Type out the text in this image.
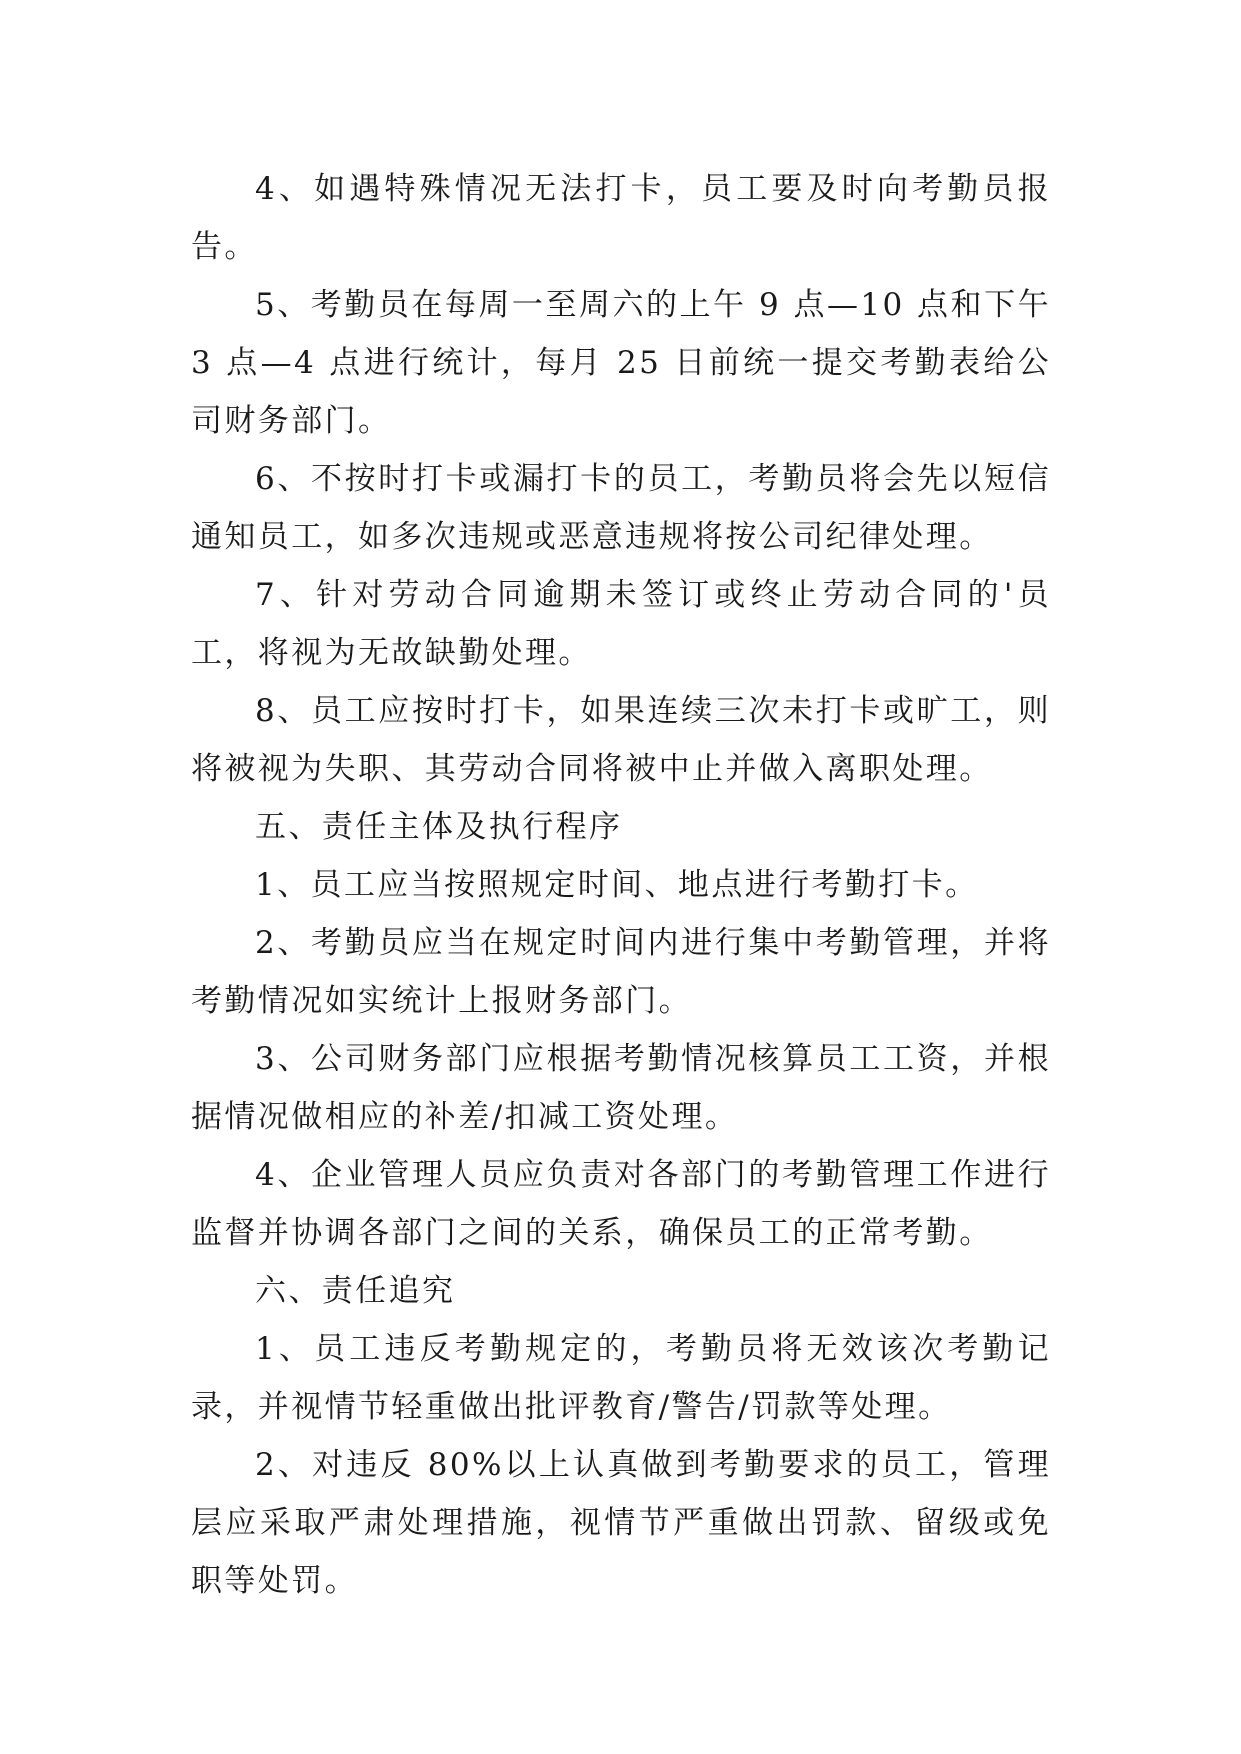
4、如遇特殊情况无法打卡，员工要及时向考勤员报告。

5、考勤员在每周一至周六的上午 9 点—10 点和下午 3 点—4 点进行统计，每月 25 日前统一提交考勤表给公司财务部门。

6、不按时打卡或漏打卡的员工，考勤员将会先以短信通知员工，如多次违规或恶意违规将按公司纪律处理。

7、针对劳动合同逾期未签订或终止劳动合同的'员工，将视为无故缺勤处理。

8、员工应按时打卡，如果连续三次未打卡或旷工，则将被视为失职、其劳动合同将被中止并做入离职处理。

五、责任主体及执行程序

1、员工应当按照规定时间、地点进行考勤打卡。

2、考勤员应当在规定时间内进行集中考勤管理，并将考勤情况如实统计上报财务部门。

3、公司财务部门应根据考勤情况核算员工工资，并根据情况做相应的补差/扣减工资处理。

4、企业管理人员应负责对各部门的考勤管理工作进行监督并协调各部门之间的关系，确保员工的正常考勤。

六、责任追究

1、员工违反考勤规定的，考勤员将无效该次考勤记录，并视情节轻重做出批评教育/警告/罚款等处理。

2、对违反 80%以上认真做到考勤要求的员工，管理层应采取严肃处理措施，视情节严重做出罚款、留级或免职等处罚。
